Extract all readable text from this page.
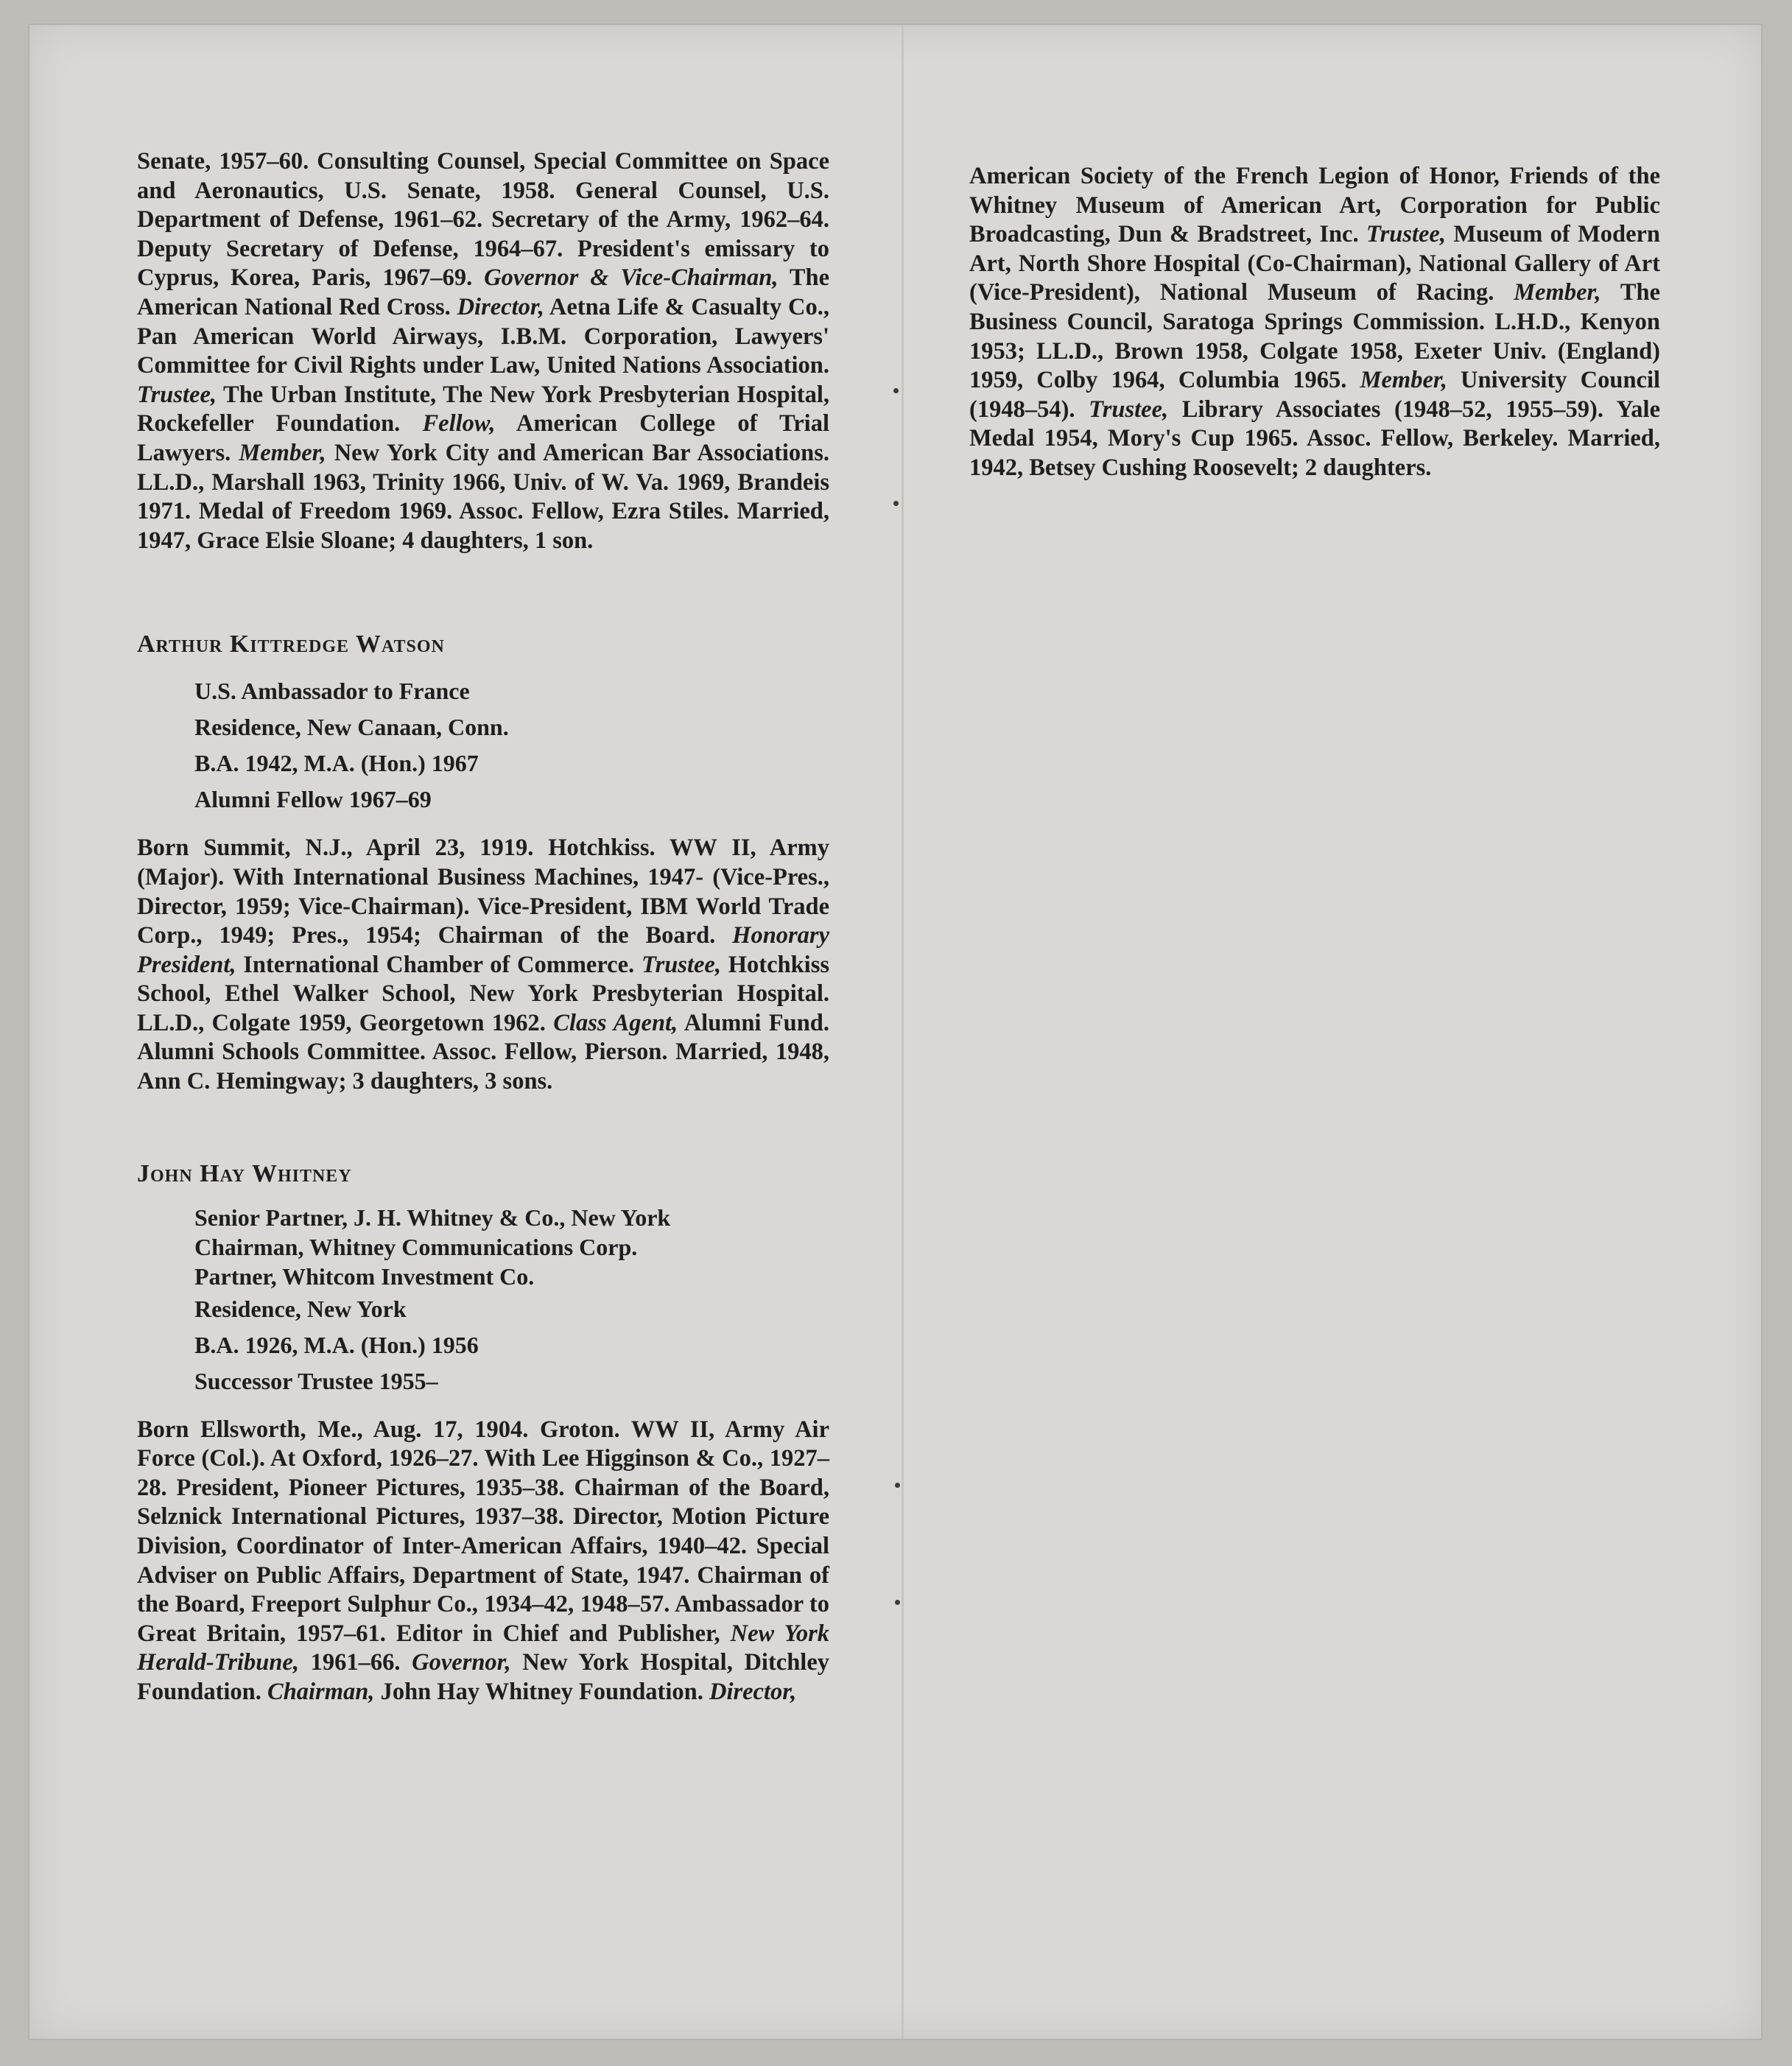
Senate, 1957–60. Consulting Counsel, Special Committee on Space and Aeronautics, U.S. Senate, 1958. General Counsel, U.S. Department of Defense, 1961–62. Secretary of the Army, 1962–64. Deputy Secretary of Defense, 1964–67. President's emissary to Cyprus, Korea, Paris, 1967–69. Governor & Vice-Chairman, The American National Red Cross. Director, Aetna Life & Casualty Co., Pan American World Airways, I.B.M. Corporation, Lawyers' Committee for Civil Rights under Law, United Nations Association. Trustee, The Urban Institute, The New York Presbyterian Hospital, Rockefeller Foundation. Fellow, American College of Trial Lawyers. Member, New York City and American Bar Associations. LL.D., Marshall 1963, Trinity 1966, Univ. of W. Va. 1969, Brandeis 1971. Medal of Freedom 1969. Assoc. Fellow, Ezra Stiles. Married, 1947, Grace Elsie Sloane; 4 daughters, 1 son.

Arthur Kittredge Watson

U.S. Ambassador to France
Residence, New Canaan, Conn.
B.A. 1942, M.A. (Hon.) 1967
Alumni Fellow 1967–69

Born Summit, N.J., April 23, 1919. Hotchkiss. WW II, Army (Major). With International Business Machines, 1947- (Vice-Pres., Director, 1959; Vice-Chairman). Vice-President, IBM World Trade Corp., 1949; Pres., 1954; Chairman of the Board. Honorary President, International Chamber of Commerce. Trustee, Hotchkiss School, Ethel Walker School, New York Presbyterian Hospital. LL.D., Colgate 1959, Georgetown 1962. Class Agent, Alumni Fund. Alumni Schools Committee. Assoc. Fellow, Pierson. Married, 1948, Ann C. Hemingway; 3 daughters, 3 sons.

John Hay Whitney

Senior Partner, J. H. Whitney & Co., New York
Chairman, Whitney Communications Corp.
Partner, Whitcom Investment Co.
Residence, New York
B.A. 1926, M.A. (Hon.) 1956
Successor Trustee 1955–

Born Ellsworth, Me., Aug. 17, 1904. Groton. WW II, Army Air Force (Col.). At Oxford, 1926–27. With Lee Higginson & Co., 1927–28. President, Pioneer Pictures, 1935–38. Chairman of the Board, Selznick International Pictures, 1937–38. Director, Motion Picture Division, Coordinator of Inter-American Affairs, 1940–42. Special Adviser on Public Affairs, Department of State, 1947. Chairman of the Board, Freeport Sulphur Co., 1934–42, 1948–57. Ambassador to Great Britain, 1957–61. Editor in Chief and Publisher, New York Herald-Tribune, 1961–66. Governor, New York Hospital, Ditchley Foundation. Chairman, John Hay Whitney Foundation. Director,

American Society of the French Legion of Honor, Friends of the Whitney Museum of American Art, Corporation for Public Broadcasting, Dun & Bradstreet, Inc. Trustee, Museum of Modern Art, North Shore Hospital (Co-Chairman), National Gallery of Art (Vice-President), National Museum of Racing. Member, The Business Council, Saratoga Springs Commission. L.H.D., Kenyon 1953; LL.D., Brown 1958, Colgate 1958, Exeter Univ. (England) 1959, Colby 1964, Columbia 1965. Member, University Council (1948–54). Trustee, Library Associates (1948–52, 1955–59). Yale Medal 1954, Mory's Cup 1965. Assoc. Fellow, Berkeley. Married, 1942, Betsey Cushing Roosevelt; 2 daughters.
